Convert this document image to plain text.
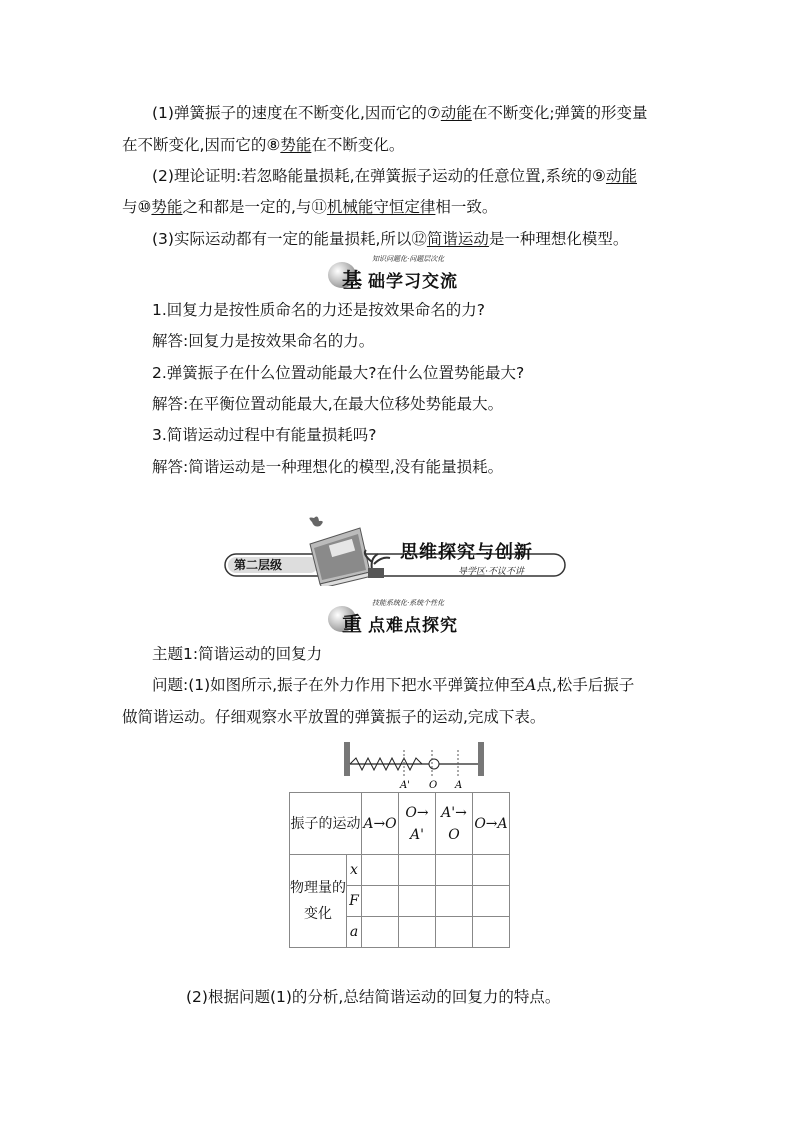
(1)弹簧振子的速度在不断变化,因而它的⑦动能在不断变化;弹簧的形变量
在不断变化,因而它的⑧势能在不断变化。
(2)理论证明:若忽略能量损耗,在弹簧振子运动的任意位置,系统的⑨动能
与⑩势能之和都是一定的,与⑪机械能守恒定律相一致。
(3)实际运动都有一定的能量损耗,所以⑫简谐运动是一种理想化模型。
知识问题化·问题层次化
基 础学习交流
1.回复力是按性质命名的力还是按效果命名的力?
解答:回复力是按效果命名的力。
2.弹簧振子在什么位置动能最大?在什么位置势能最大?
解答:在平衡位置动能最大,在最大位移处势能最大。
3.简谐运动过程中有能量损耗吗?
解答:简谐运动是一种理想化的模型,没有能量损耗。
第二层级
思维探究与创新
导学区·不议不讲
技能系统化·系统个性化
重 点难点探究
主题1:简谐运动的回复力
问题:(1)如图所示,振子在外力作用下把水平弹簧拉伸至A点,松手后振子
做简谐运动。仔细观察水平放置的弹簧振子的运动,完成下表。
A' O A
振子的运动		A→O	O→A'	A'→O	O→A
物理量的变化	x				
	F				
	a				
(2)根据问题(1)的分析,总结简谐运动的回复力的特点。
